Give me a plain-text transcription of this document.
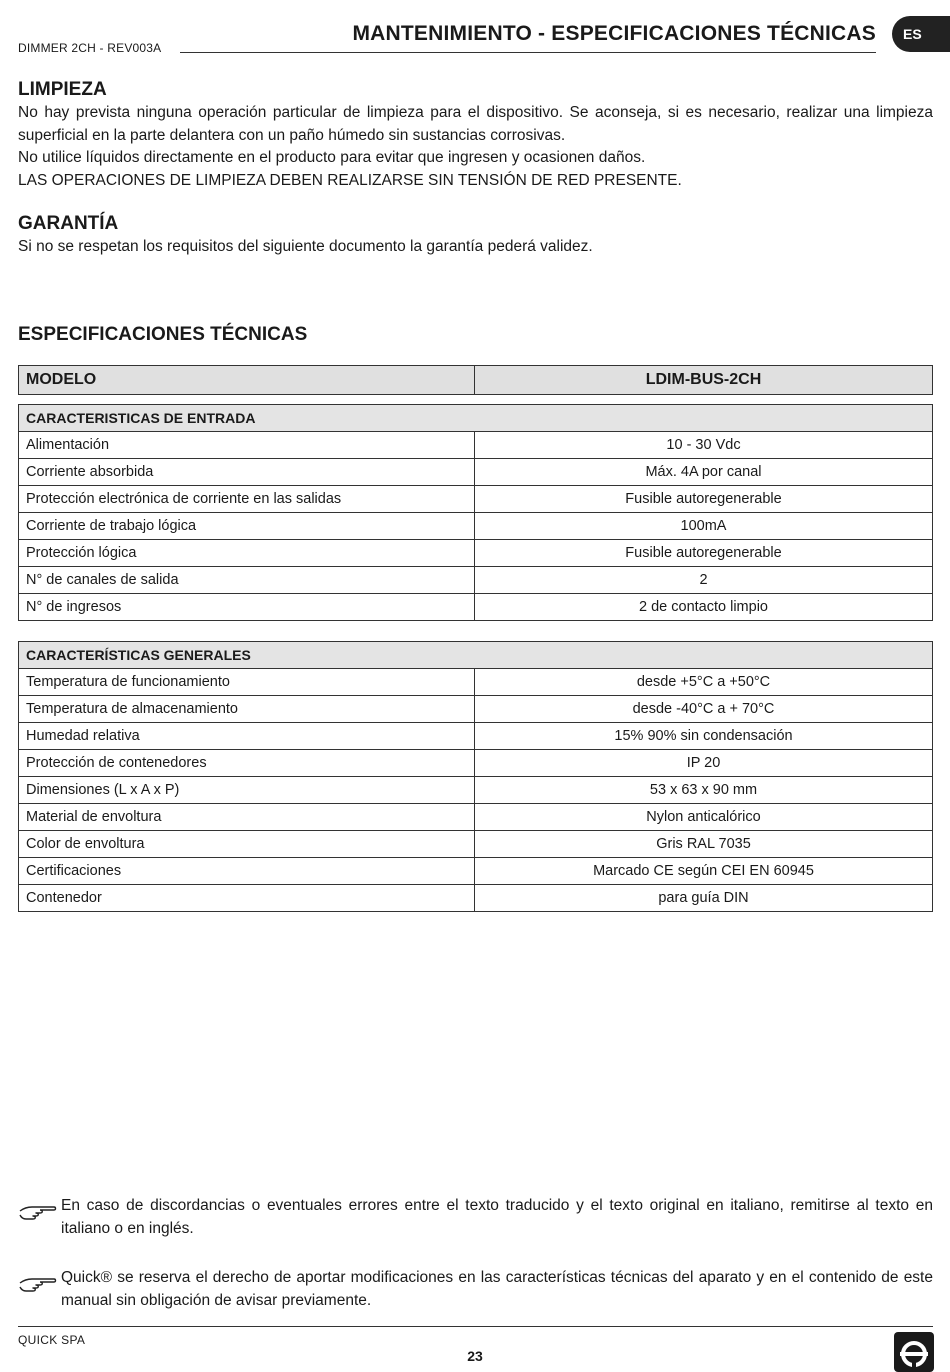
DIMMER 2CH - REV003A
MANTENIMIENTO - ESPECIFICACIONES TÉCNICAS	ES
LIMPIEZA

No hay prevista ninguna operación particular de limpieza para el dispositivo. Se aconseja, si es necesario, realizar una limpieza superficial en la parte delantera con un paño húmedo sin sustancias corrosivas.

No utilice líquidos directamente en el producto para evitar que ingresen y ocasionen daños.

LAS OPERACIONES DE LIMPIEZA DEBEN REALIZARSE SIN TENSIÓN DE RED PRESENTE.

GARANTÍA

Si no se respetan los requisitos del siguiente documento la garantía pederá validez.

ESPECIFICACIONES TÉCNICAS
MODELO	LDIM-BUS-2CH
CARACTERISTICAS DE ENTRADA	
Alimentación	10 - 30 Vdc
Corriente absorbida	Máx. 4A por canal
Protección electrónica de corriente en las salidas	Fusible autoregenerable
Corriente de trabajo lógica	100mA
Protección lógica	Fusible autoregenerable
N° de canales de salida	2
N° de ingresos	2 de contacto limpio
CARACTERÍSTICAS GENERALES	
Temperatura de funcionamiento	desde +5°C a +50°C
Temperatura de almacenamiento	desde -40°C a + 70°C
Humedad relativa	15% 90% sin condensación
Protección de contenedores	IP 20
Dimensiones (L x A x P)	53 x 63 x 90 mm
Material de envoltura	Nylon anticalórico
Color de envoltura	Gris RAL 7035
Certificaciones	Marcado CE según CEI EN 60945
Contenedor	para guía DIN

En caso de discordancias o eventuales errores entre el texto traducido y el texto original en italiano, remitirse al texto en italiano o en inglés.

Quick® se reserva el derecho de aportar modificaciones en las características técnicas del aparato y en el contenido de este manual sin obligación de avisar previamente.

QUICK SPA
23
